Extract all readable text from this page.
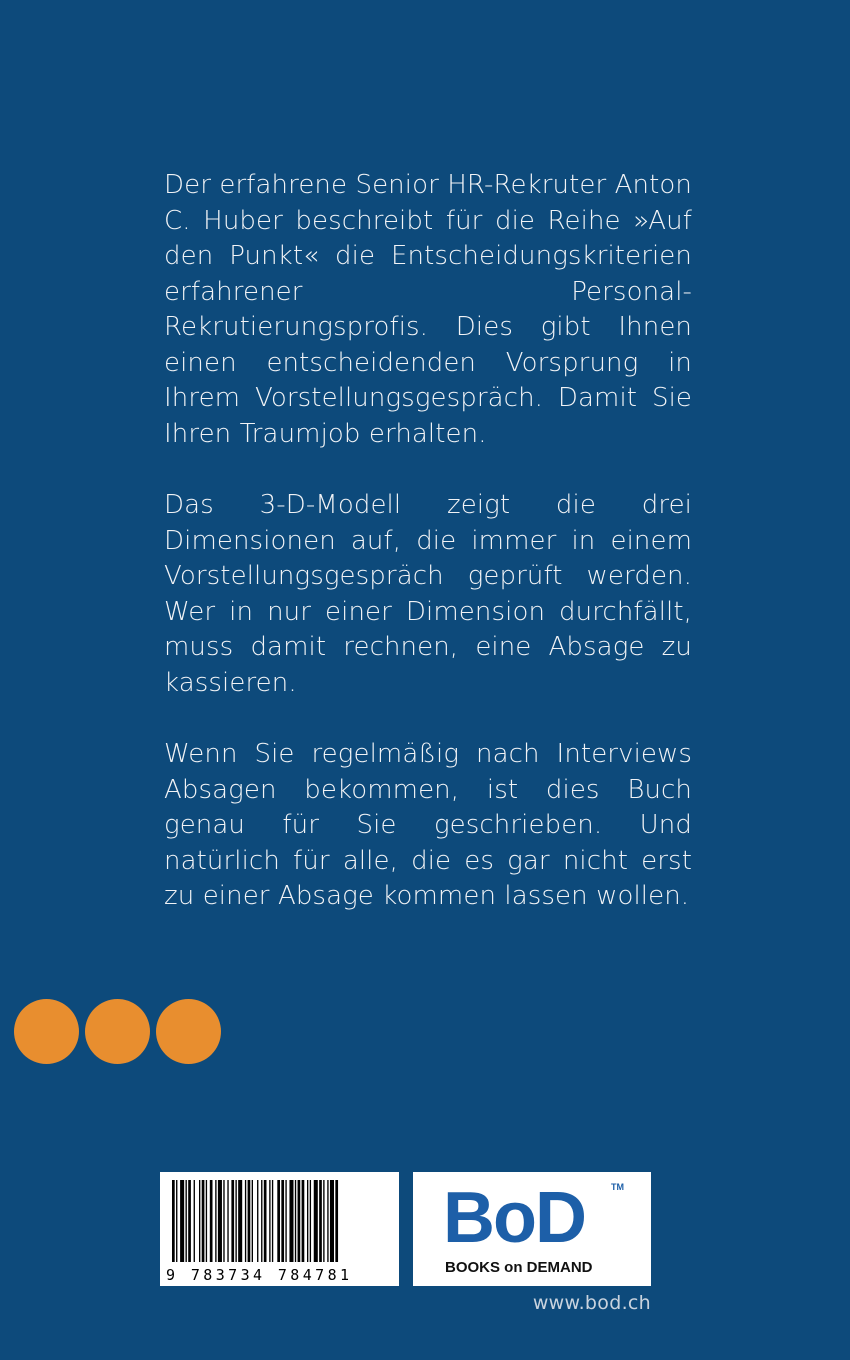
Der erfahrene Senior HR-Rekruter Anton C. Huber beschreibt für die Reihe »Auf den Punkt« die Entscheidungskriterien erfahrener Personal-Rekrutierungsprofis. Dies gibt Ihnen einen entscheidenden Vorsprung in Ihrem Vorstellungsgespräch. Damit Sie Ihren Traumjob erhalten.

Das 3-D-Modell zeigt die drei Dimensionen auf, die immer in einem Vorstellungsgespräch geprüft werden. Wer in nur einer Dimension durchfällt, muss damit rechnen, eine Absage zu kassieren.

Wenn Sie regelmäßig nach Interviews Absagen bekommen, ist dies Buch genau für Sie geschrieben. Und natürlich für alle, die es gar nicht erst zu einer Absage kommen lassen wollen.

9 783734 784781
BoD	TM
BOOKS on DEMAND
www.bod.ch
